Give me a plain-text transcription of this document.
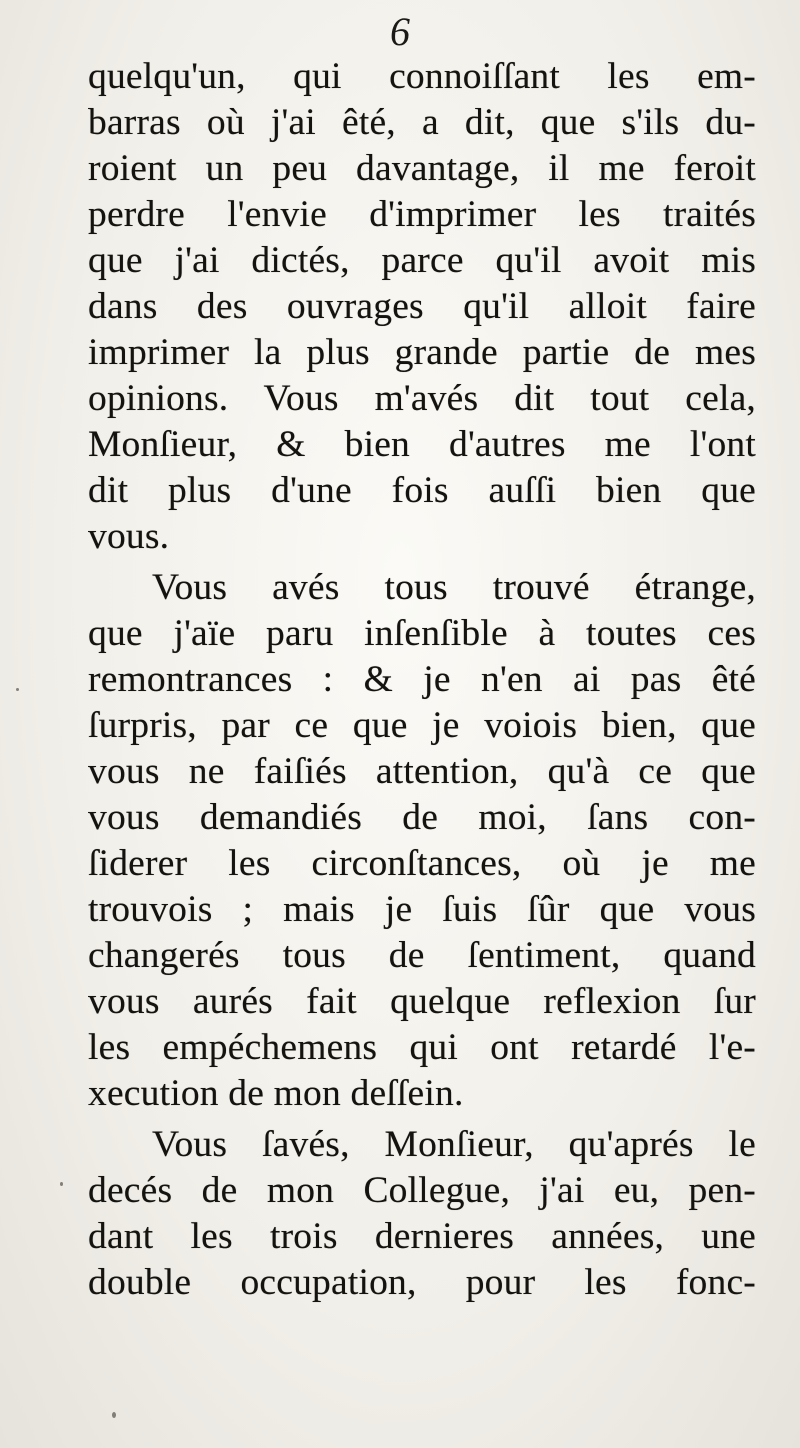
6
quelqu'un, qui connoiſſant les em-
barras où j'ai êté, a dit, que s'ils du-
roient un peu davantage, il me feroit
perdre l'envie d'imprimer les traités
que j'ai dictés, parce qu'il avoit mis
dans des ouvrages qu'il alloit faire
imprimer la plus grande partie de mes
opinions. Vous m'avés dit tout cela,
Monſieur, & bien d'autres me l'ont
dit plus d'une fois auſſi bien que
vous.
Vous avés tous trouvé étrange,
que j'aïe paru inſenſible à toutes ces
remontrances : & je n'en ai pas êté
ſurpris, par ce que je voiois bien, que
vous ne faiſiés attention, qu'à ce que
vous demandiés de moi, ſans con-
ſiderer les circonſtances, où je me
trouvois ; mais je ſuis ſûr que vous
changerés tous de ſentiment, quand
vous aurés fait quelque reflexion ſur
les empéchemens qui ont retardé l'e-
xecution de mon deſſein.
Vous ſavés, Monſieur, qu'aprés le
decés de mon Collegue, j'ai eu, pen-
dant les trois dernieres années, une
double occupation, pour les fonc-
